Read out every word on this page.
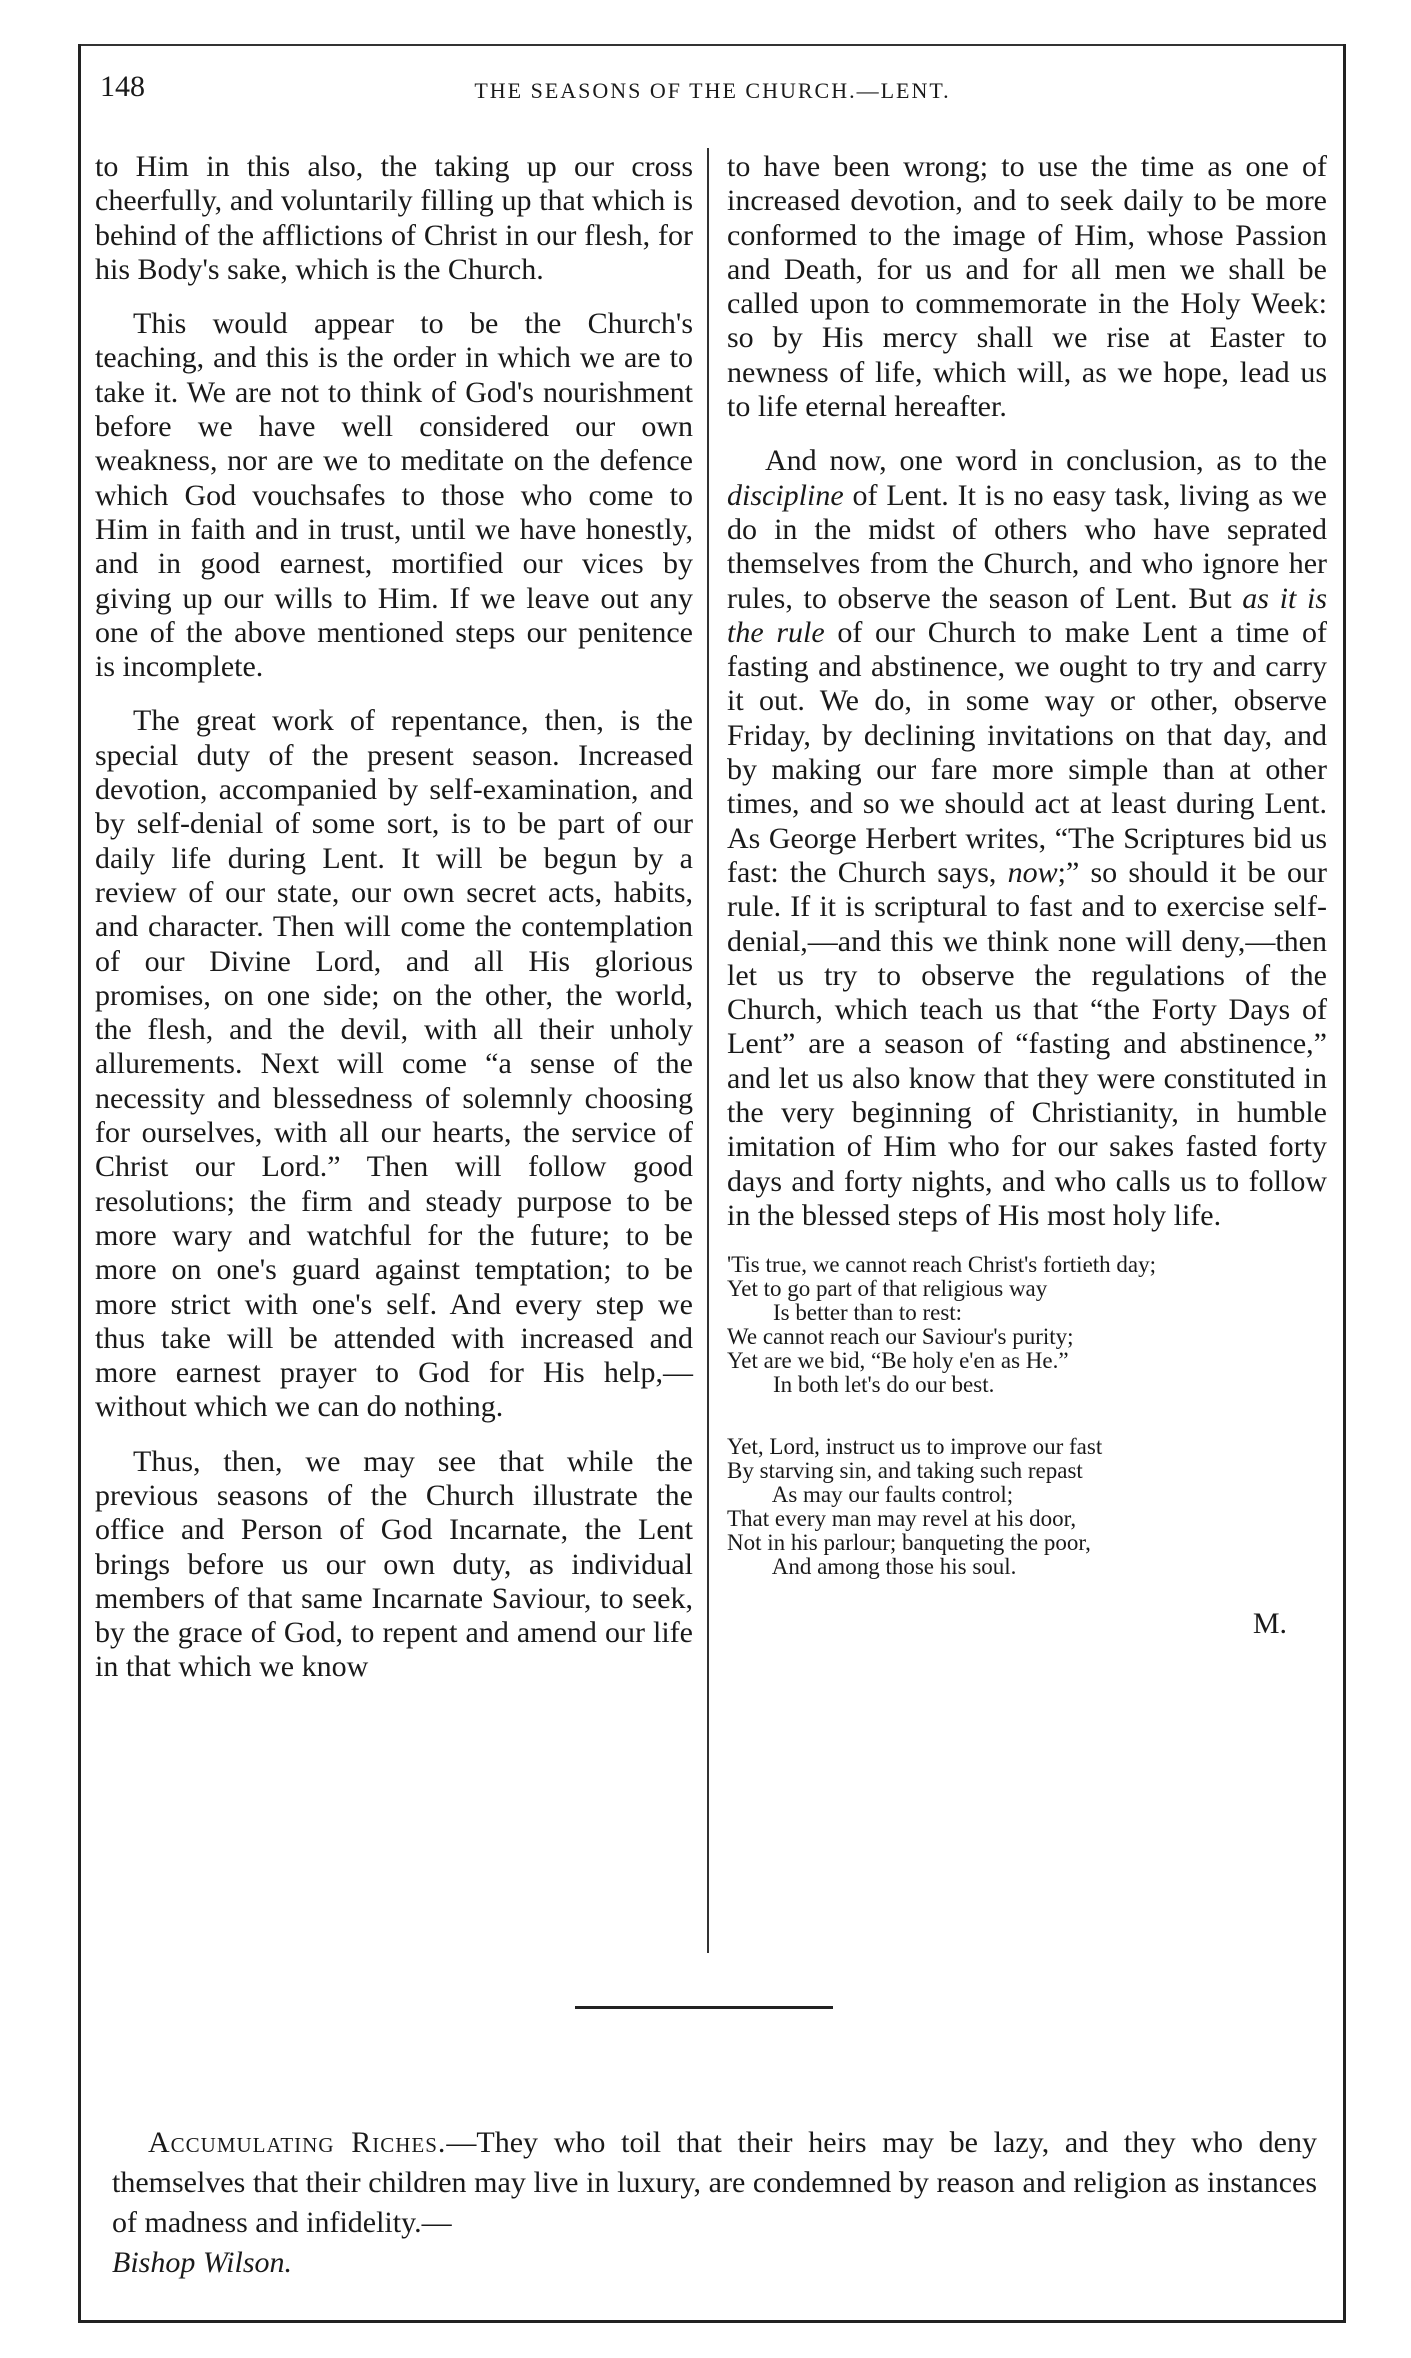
148	THE SEASONS OF THE CHURCH.—LENT.

to Him in this also, the taking up our cross cheerfully, and voluntarily filling up that which is behind of the afflictions of Christ in our flesh, for his Body's sake, which is the Church.

This would appear to be the Church's teaching, and this is the order in which we are to take it. We are not to think of God's nourishment before we have well considered our own weakness, nor are we to meditate on the defence which God vouchsafes to those who come to Him in faith and in trust, until we have honestly, and in good earnest, mortified our vices by giving up our wills to Him. If we leave out any one of the above mentioned steps our penitence is incomplete.

The great work of repentance, then, is the special duty of the present season. Increased devotion, accompanied by self-examination, and by self-denial of some sort, is to be part of our daily life during Lent. It will be begun by a review of our state, our own secret acts, habits, and character. Then will come the contemplation of our Divine Lord, and all His glorious promises, on one side; on the other, the world, the flesh, and the devil, with all their unholy allurements. Next will come “a sense of the necessity and blessedness of solemnly choosing for ourselves, with all our hearts, the service of Christ our Lord.” Then will follow good resolutions; the firm and steady purpose to be more wary and watchful for the future; to be more on one's guard against temptation; to be more strict with one's self. And every step we thus take will be attended with increased and more earnest prayer to God for His help,—without which we can do nothing.

Thus, then, we may see that while the previous seasons of the Church illustrate the office and Person of God Incarnate, the Lent brings before us our own duty, as individual members of that same Incarnate Saviour, to seek, by the grace of God, to repent and amend our life in that which we know

to have been wrong; to use the time as one of increased devotion, and to seek daily to be more conformed to the image of Him, whose Passion and Death, for us and for all men we shall be called upon to commemorate in the Holy Week: so by His mercy shall we rise at Easter to newness of life, which will, as we hope, lead us to life eternal hereafter.

And now, one word in conclusion, as to the discipline of Lent. It is no easy task, living as we do in the midst of others who have seprated themselves from the Church, and who ignore her rules, to observe the season of Lent. But as it is the rule of our Church to make Lent a time of fasting and abstinence, we ought to try and carry it out. We do, in some way or other, observe Friday, by declining invitations on that day, and by making our fare more simple than at other times, and so we should act at least during Lent. As George Herbert writes, “The Scriptures bid us fast: the Church says, now;” so should it be our rule. If it is scriptural to fast and to exercise self-denial,—and this we think none will deny,—then let us try to observe the regulations of the Church, which teach us that “the Forty Days of Lent” are a season of “fasting and abstinence,” and let us also know that they were constituted in the very beginning of Christianity, in humble imitation of Him who for our sakes fasted forty days and forty nights, and who calls us to follow in the blessed steps of His most holy life.

'Tis true, we cannot reach Christ's fortieth day;
Yet to go part of that religious way
Is better than to rest:
We cannot reach our Saviour's purity;
Yet are we bid, “Be holy e'en as He.”
In both let's do our best.
Yet, Lord, instruct us to improve our fast
By starving sin, and taking such repast
As may our faults control;
That every man may revel at his door,
Not in his parlour; banqueting the poor,
And among those his soul.
M.
Accumulating Riches.—They who toil that their heirs may be lazy, and they who deny themselves that their children may live in luxury, are condemned by reason and religion as instances of madness and infidelity.—
Bishop Wilson.
